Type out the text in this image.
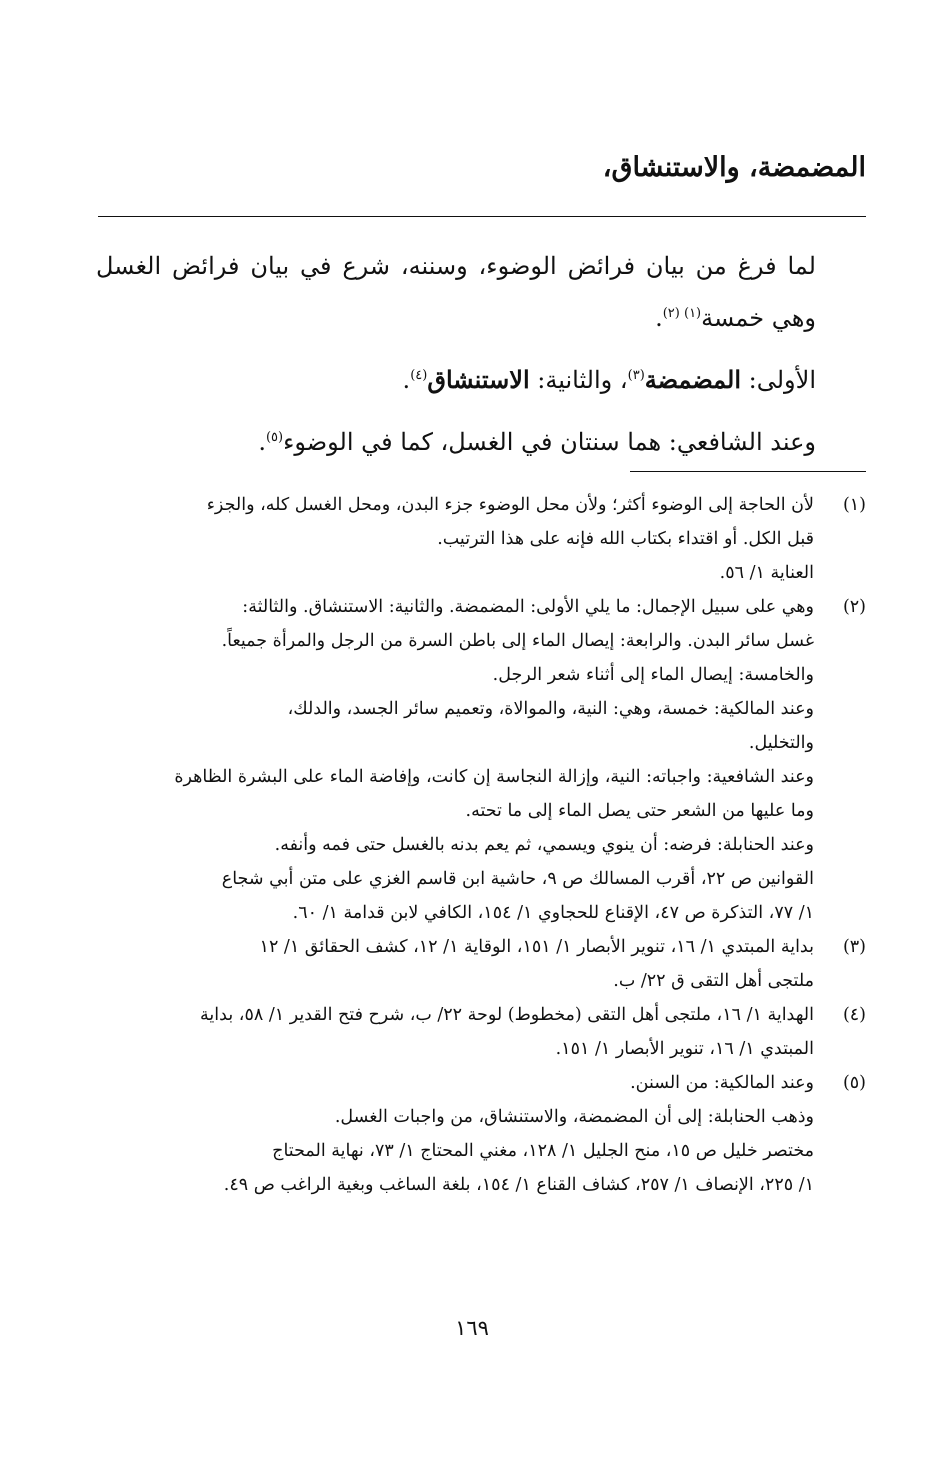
المضمضة، والاستنشاق،

لما فرغ من بيان فرائض الوضوء، وسننه، شرع في بيان فرائض الغسل وهي خمسة$^{(١) (٢)}$.

الأولى: المضمضة$^{(٣)}$، والثانية: الاستنشاق$^{(٤)}$.

وعند الشافعي: هما سنتان في الغسل، كما في الوضوء$^{(٥)}$.

(١)

لأن الحاجة إلى الوضوء أكثر؛ ولأن محل الوضوء جزء البدن، ومحل الغسل كله، والجزء

قبل الكل. أو اقتداء بكتاب الله فإنه على هذا الترتيب.

العناية ١/ ٥٦.

(٢)

وهي على سبيل الإجمال: ما يلي الأولى: المضمضة. والثانية: الاستنشاق. والثالثة:

غسل سائر البدن. والرابعة: إيصال الماء إلى باطن السرة من الرجل والمرأة جميعاً.

والخامسة: إيصال الماء إلى أثناء شعر الرجل.

وعند المالكية: خمسة، وهي: النية، والموالاة، وتعميم سائر الجسد، والدلك،

والتخليل.

وعند الشافعية: واجباته: النية، وإزالة النجاسة إن كانت، وإفاضة الماء على البشرة الظاهرة

وما عليها من الشعر حتى يصل الماء إلى ما تحته.

وعند الحنابلة: فرضه: أن ينوي ويسمي، ثم يعم بدنه بالغسل حتى فمه وأنفه.

القوانين ص ٢٢، أقرب المسالك ص ٩، حاشية ابن قاسم الغزي على متن أبي شجاع

١/ ٧٧، التذكرة ص ٤٧، الإقناع للحجاوي ١/ ١٥٤، الكافي لابن قدامة ١/ ٦٠.

(٣)

بداية المبتدي ١/ ١٦، تنوير الأبصار ١/ ١٥١، الوقاية ١/ ١٢، كشف الحقائق ١/ ١٢

ملتجى أهل التقى ق ٢٢/ ب.

(٤)

الهداية ١/ ١٦، ملتجى أهل التقى (مخطوط) لوحة ٢٢/ ب، شرح فتح القدير ١/ ٥٨، بداية

المبتدي ١/ ١٦، تنوير الأبصار ١/ ١٥١.

(٥)

وعند المالكية: من السنن.

وذهب الحنابلة: إلى أن المضمضة، والاستنشاق، من واجبات الغسل.

مختصر خليل ص ١٥، منح الجليل ١/ ١٢٨، مغني المحتاج ١/ ٧٣، نهاية المحتاج

١/ ٢٢٥، الإنصاف ١/ ٢٥٧، كشاف القناع ١/ ١٥٤، بلغة الساغب وبغية الراغب ص ٤٩.

١٦٩
